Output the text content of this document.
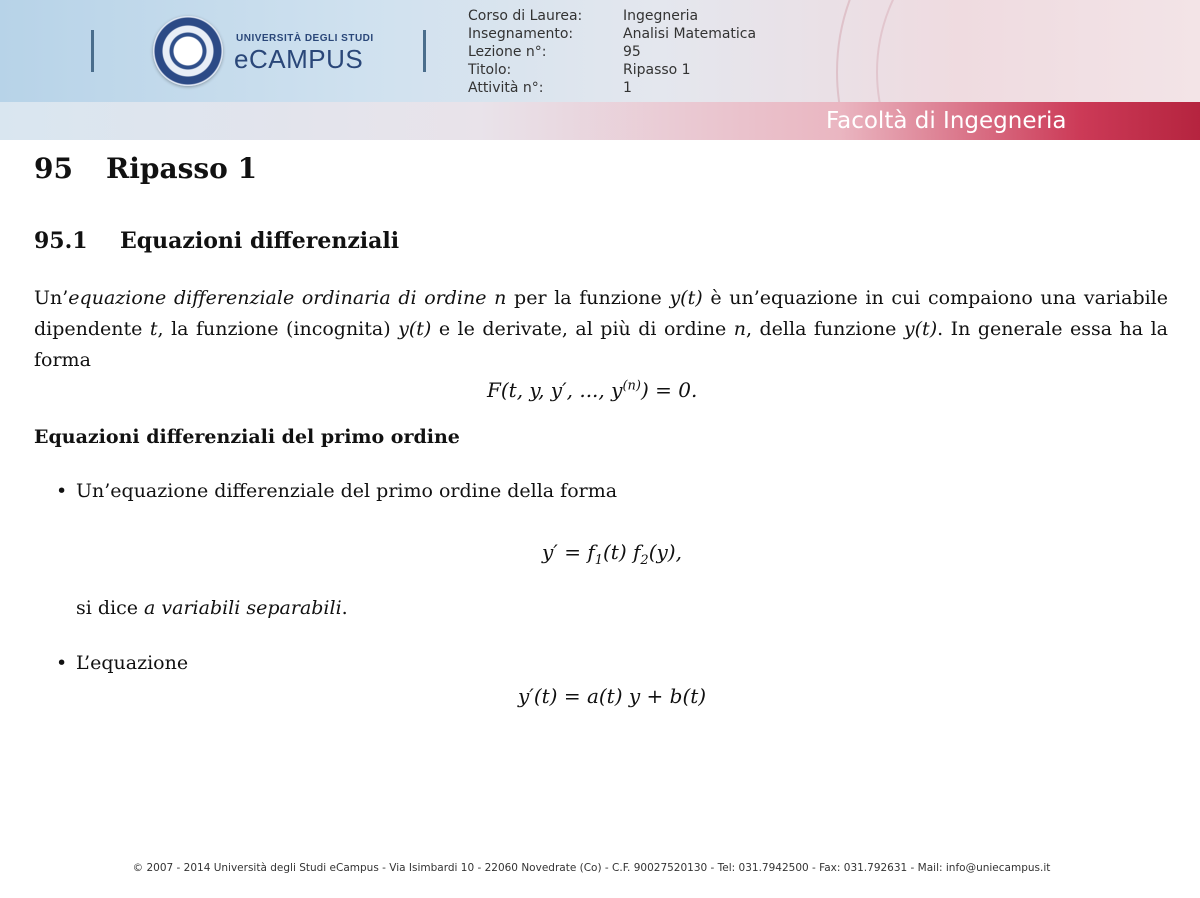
UNIVERSITÀ DEGLI STUDI
eCAMPUS
Corso di Laurea:
Insegnamento:
Lezione n°:
Titolo:
Attività n°:
Ingegneria
Analisi Matematica
95
Ripasso 1
1
Facoltà di Ingegneria
95 Ripasso 1
95.1 Equazioni differenziali

Un’equazione differenziale ordinaria di ordine n per la funzione y(t) è un’equazione in cui compaiono una variabile dipendente t, la funzione (incognita) y(t) e le derivate, al più di ordine n, della funzione y(t). In generale essa ha la forma

F(t, y, y′, ..., $y^{(n)}) = 0$.
Equazioni differenziali del primo ordine
• Un’equazione differenziale del primo ordine della forma
$y' = f_1(t)$ $f_2(y)$,
si dice a variabili separabili.
• L’equazione
y′(t) = a(t) y + b(t)
© 2007 - 2014 Università degli Studi eCampus - Via Isimbardi 10 - 22060 Novedrate (Co) - C.F. 90027520130 - Tel: 031.7942500 - Fax: 031.792631 - Mail: info@uniecampus.it
